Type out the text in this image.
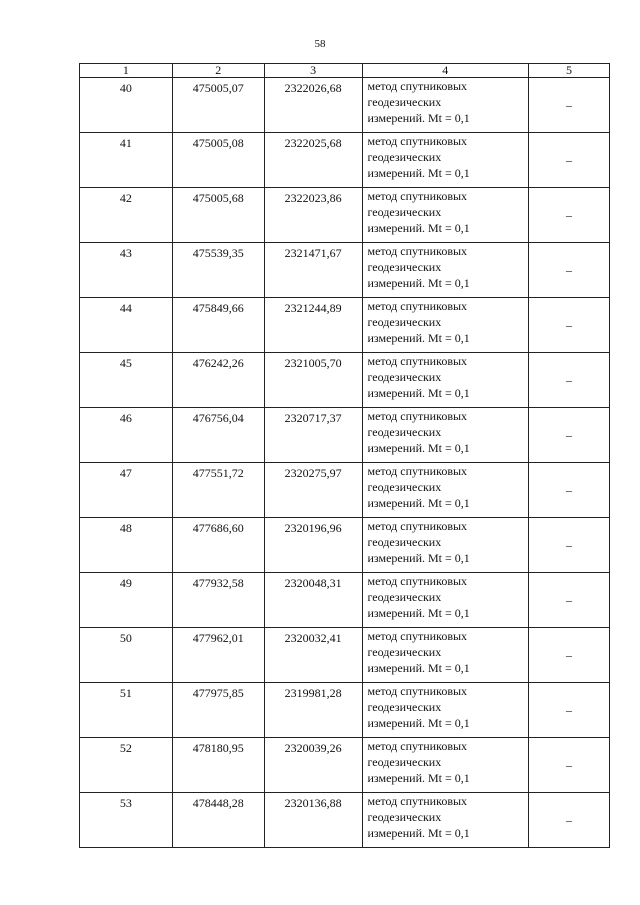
58
1	2	3	4	5
40	475005,07	2322026,68	метод спутниковых
геодезических
измерений. Mt = 0,1	–
41	475005,08	2322025,68	метод спутниковых
геодезических
измерений. Mt = 0,1	–
42	475005,68	2322023,86	метод спутниковых
геодезических
измерений. Mt = 0,1	–
43	475539,35	2321471,67	метод спутниковых
геодезических
измерений. Mt = 0,1	–
44	475849,66	2321244,89	метод спутниковых
геодезических
измерений. Mt = 0,1	–
45	476242,26	2321005,70	метод спутниковых
геодезических
измерений. Mt = 0,1	–
46	476756,04	2320717,37	метод спутниковых
геодезических
измерений. Mt = 0,1	–
47	477551,72	2320275,97	метод спутниковых
геодезических
измерений. Mt = 0,1	–
48	477686,60	2320196,96	метод спутниковых
геодезических
измерений. Mt = 0,1	–
49	477932,58	2320048,31	метод спутниковых
геодезических
измерений. Mt = 0,1	–
50	477962,01	2320032,41	метод спутниковых
геодезических
измерений. Mt = 0,1	–
51	477975,85	2319981,28	метод спутниковых
геодезических
измерений. Mt = 0,1	–
52	478180,95	2320039,26	метод спутниковых
геодезических
измерений. Mt = 0,1	–
53	478448,28	2320136,88	метод спутниковых
геодезических
измерений. Mt = 0,1	–
